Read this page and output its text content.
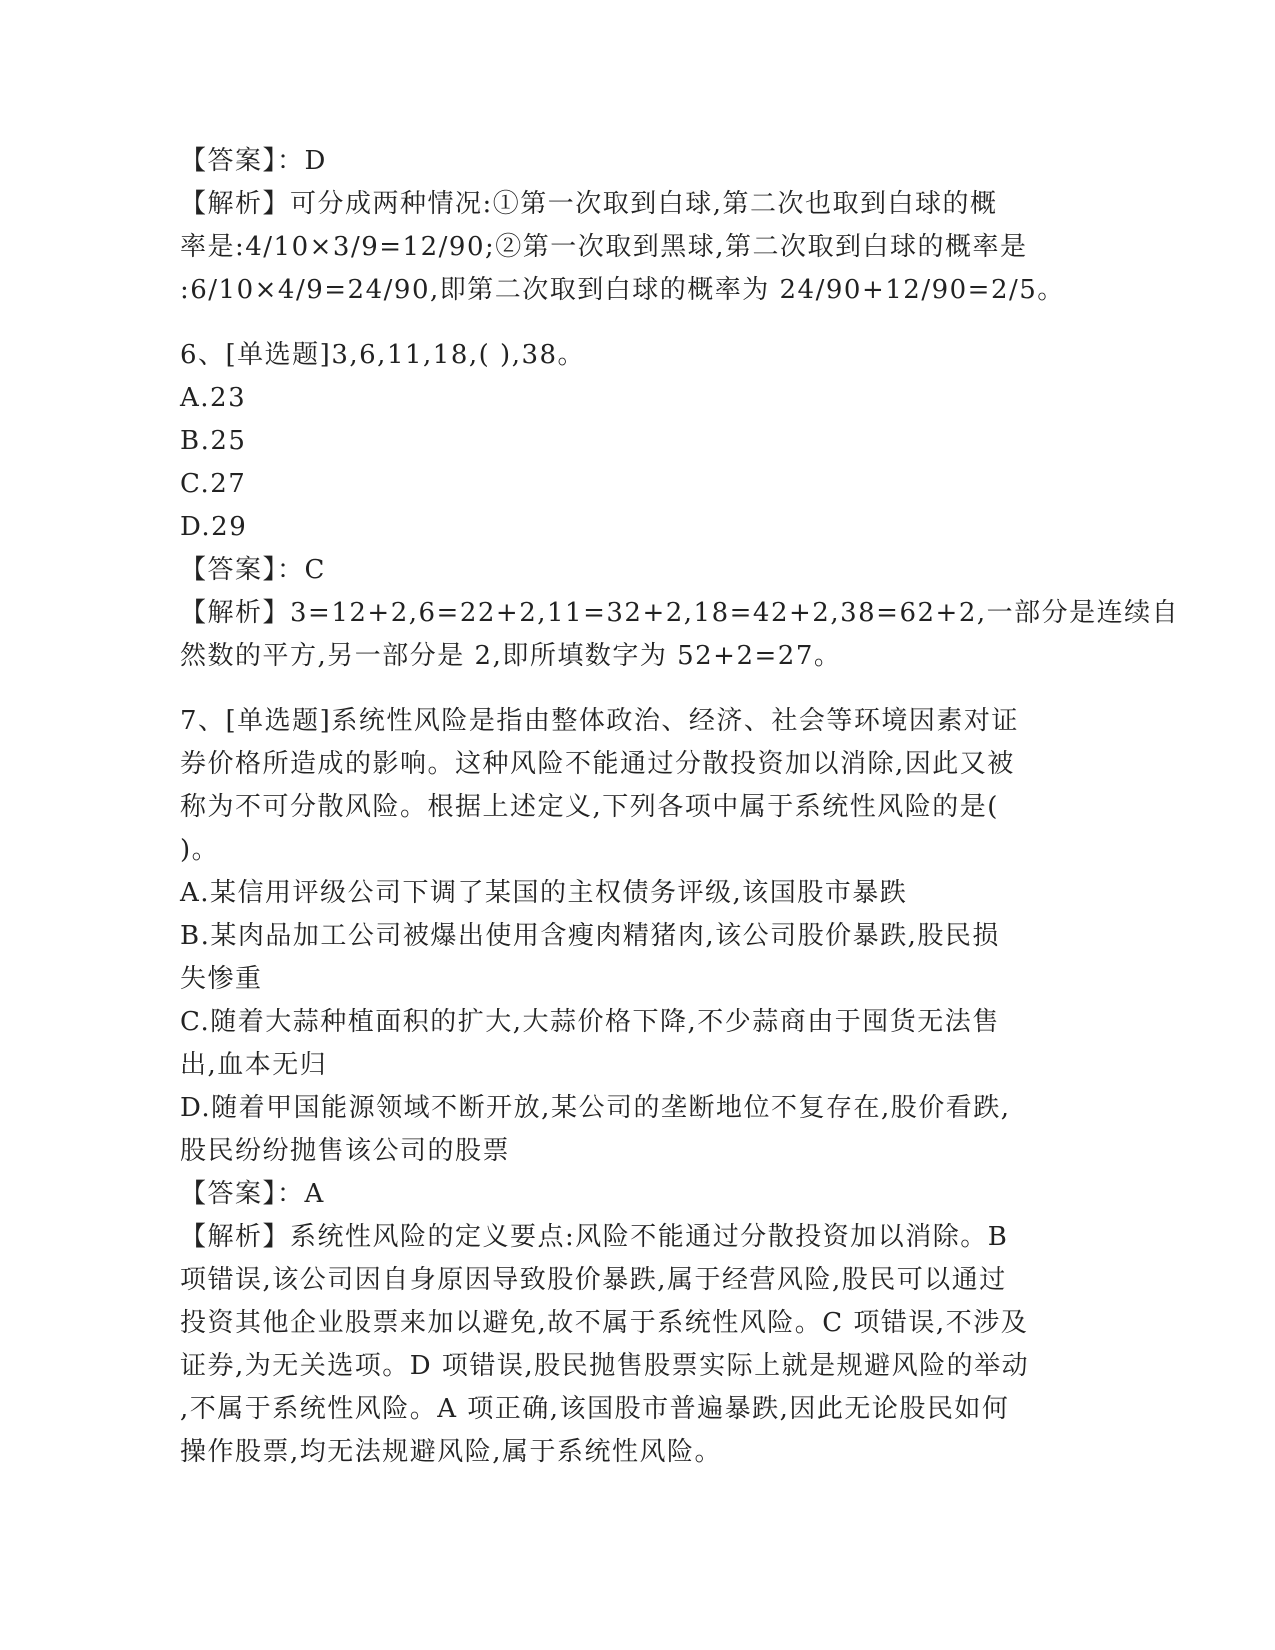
【答案】：D
【解析】可分成两种情况:①第一次取到白球,第二次也取到白球的概
率是:4/10×3/9=12/90;②第一次取到黑球,第二次取到白球的概率是
:6/10×4/9=24/90,即第二次取到白球的概率为 24/90+12/90=2/5。
6、[单选题]3,6,11,18,( ),38。
A.23
B.25
C.27
D.29
【答案】：C
【解析】3=12+2,6=22+2,11=32+2,18=42+2,38=62+2,一部分是连续自
然数的平方,另一部分是 2,即所填数字为 52+2=27。
7、[单选题]系统性风险是指由整体政治、经济、社会等环境因素对证
券价格所造成的影响。这种风险不能通过分散投资加以消除,因此又被
称为不可分散风险。根据上述定义,下列各项中属于系统性风险的是(
)。
A.某信用评级公司下调了某国的主权债务评级,该国股市暴跌
B.某肉品加工公司被爆出使用含瘦肉精猪肉,该公司股价暴跌,股民损
失惨重
C.随着大蒜种植面积的扩大,大蒜价格下降,不少蒜商由于囤货无法售
出,血本无归
D.随着甲国能源领域不断开放,某公司的垄断地位不复存在,股价看跌,
股民纷纷抛售该公司的股票
【答案】：A
【解析】系统性风险的定义要点:风险不能通过分散投资加以消除。B
项错误,该公司因自身原因导致股价暴跌,属于经营风险,股民可以通过
投资其他企业股票来加以避免,故不属于系统性风险。C 项错误,不涉及
证券,为无关选项。D 项错误,股民抛售股票实际上就是规避风险的举动
,不属于系统性风险。A 项正确,该国股市普遍暴跌,因此无论股民如何
操作股票,均无法规避风险,属于系统性风险。
